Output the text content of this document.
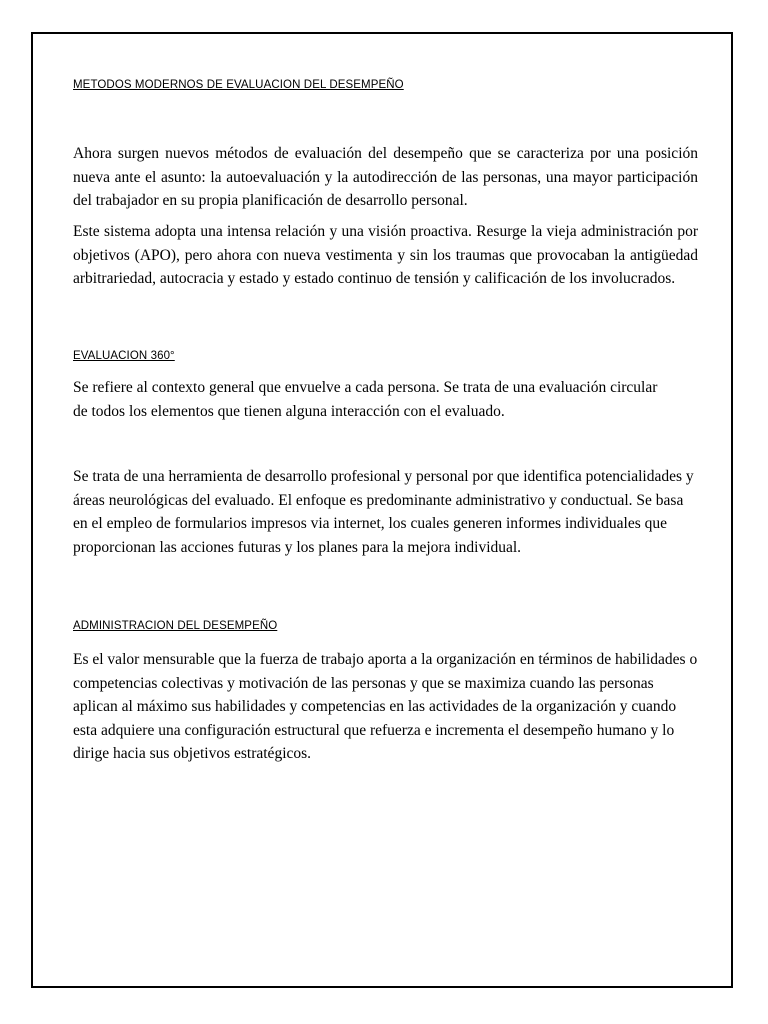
METODOS MODERNOS DE EVALUACION DEL DESEMPEÑO

Ahora surgen nuevos métodos de evaluación del desempeño que se caracteriza por una posición nueva ante el asunto: la autoevaluación y la autodirección de las personas, una mayor participación del trabajador en su propia planificación de desarrollo personal.

Este sistema adopta una intensa relación y una visión proactiva. Resurge la vieja administración por objetivos (APO), pero ahora con nueva vestimenta y sin los traumas que provocaban la antigüedad arbitrariedad, autocracia y estado y estado continuo de tensión y calificación de los involucrados.

EVALUACION 360°

Se refiere al contexto general que envuelve a cada persona. Se trata de una evaluación circular de todos los elementos que tienen alguna interacción con el evaluado.

Se trata de una herramienta de desarrollo profesional y personal por que identifica potencialidades y áreas neurológicas del evaluado. El enfoque es predominante administrativo y conductual. Se basa en el empleo de formularios impresos via internet, los cuales generen informes individuales que proporcionan las acciones futuras y los planes para la mejora individual.

ADMINISTRACION DEL DESEMPEÑO

Es el valor mensurable que la fuerza de trabajo aporta a la organización en términos de habilidades o competencias colectivas y motivación de las personas y que se maximiza cuando las personas aplican al máximo sus habilidades y competencias en las actividades de la organización y cuando esta adquiere una configuración estructural que refuerza e incrementa el desempeño humano y lo dirige hacia sus objetivos estratégicos.
